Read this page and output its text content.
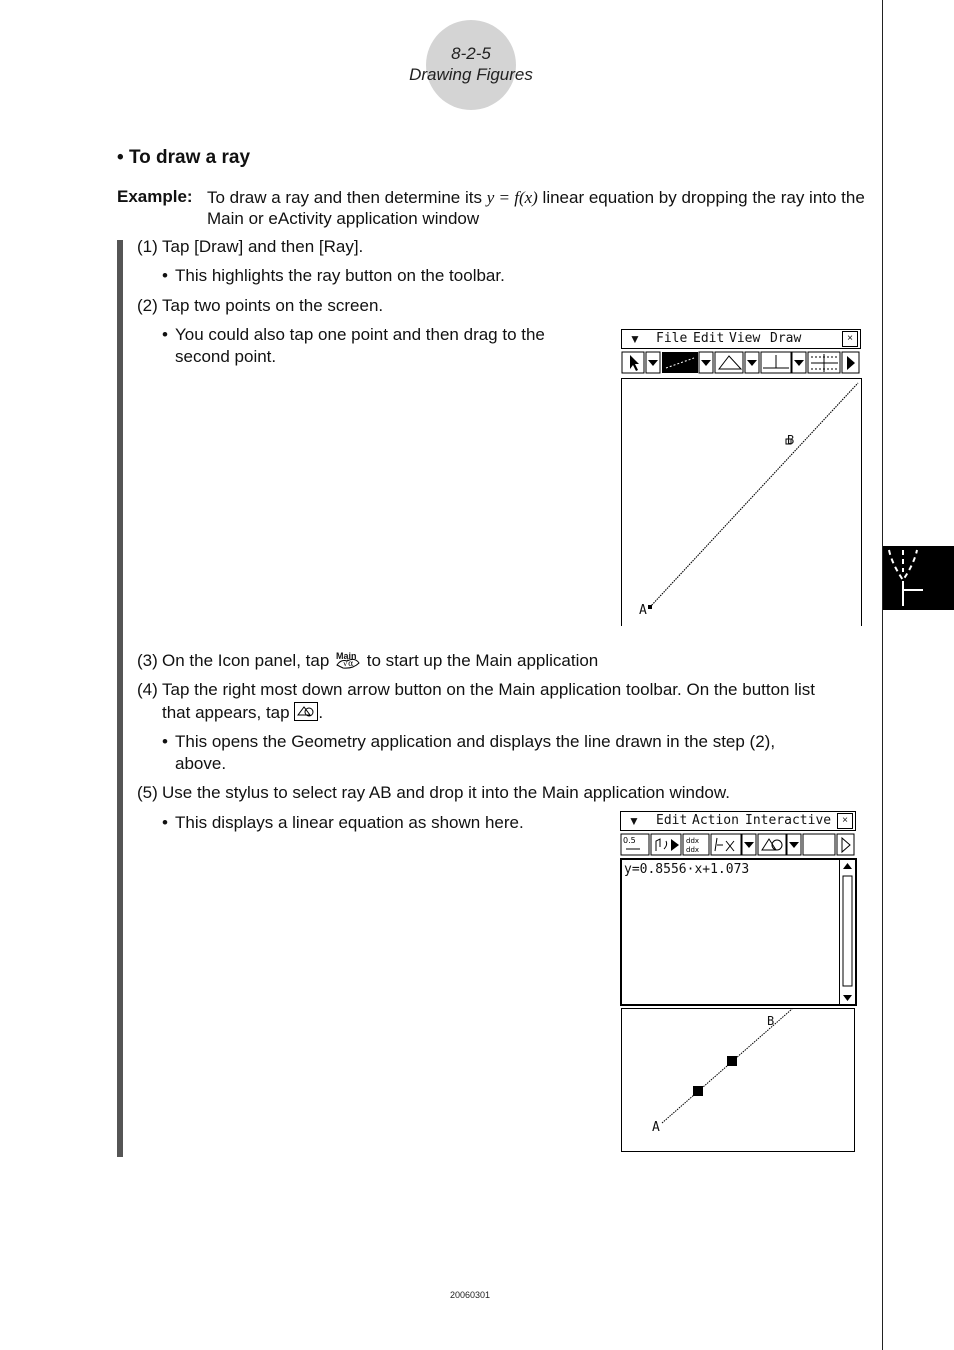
8-2-5
Drawing Figures
• To draw a ray
Example: To draw a ray and then determine its y = f(x) linear equation by dropping the ray into the Main or eActivity application window
(1) Tap [Draw] and then [Ray].
• This highlights the ray button on the toolbar.
(2) Tap two points on the screen.
• You could also tap one point and then drag to the
second point.
▼ File Edit View Draw	×
A
B
(3) On the Icon panel, tap Main
√α to start up the Main application
(4) Tap the right most down arrow button on the Main application toolbar. On the button list
that appears, tap .
• This opens the Geometry application and displays the line drawn in the step (2),
above.
(5) Use the stylus to select ray AB and drop it into the Main application window.
• This displays a linear equation as shown here.	▼ Edit Action Interactive	×
0.5	ddx
ddx
y=0.8556·x+1.073
A
B
20060301
